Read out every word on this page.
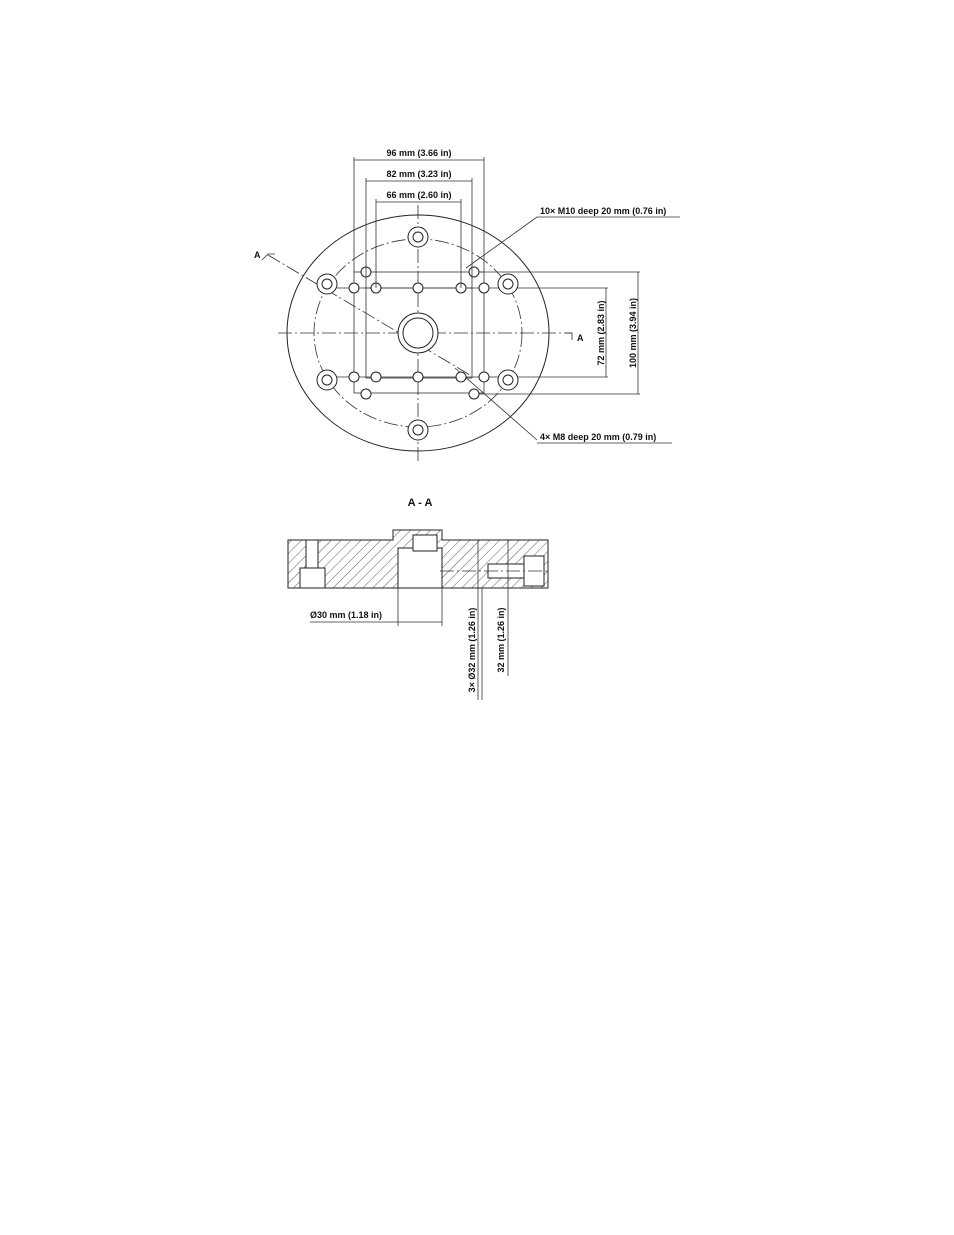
96 mm (3.66 in)
82 mm (3.23 in)
66 mm (2.60 in)
72 mm (2.83 in) 100 mm (3.94 in)
10× M10 deep 20 mm (0.76 in)
4× M8 deep 20 mm (0.79 in)
A
A
A - A
Ø30 mm (1.18 in)	3× Ø32 mm (1.26 in) 32 mm (1.26 in)
